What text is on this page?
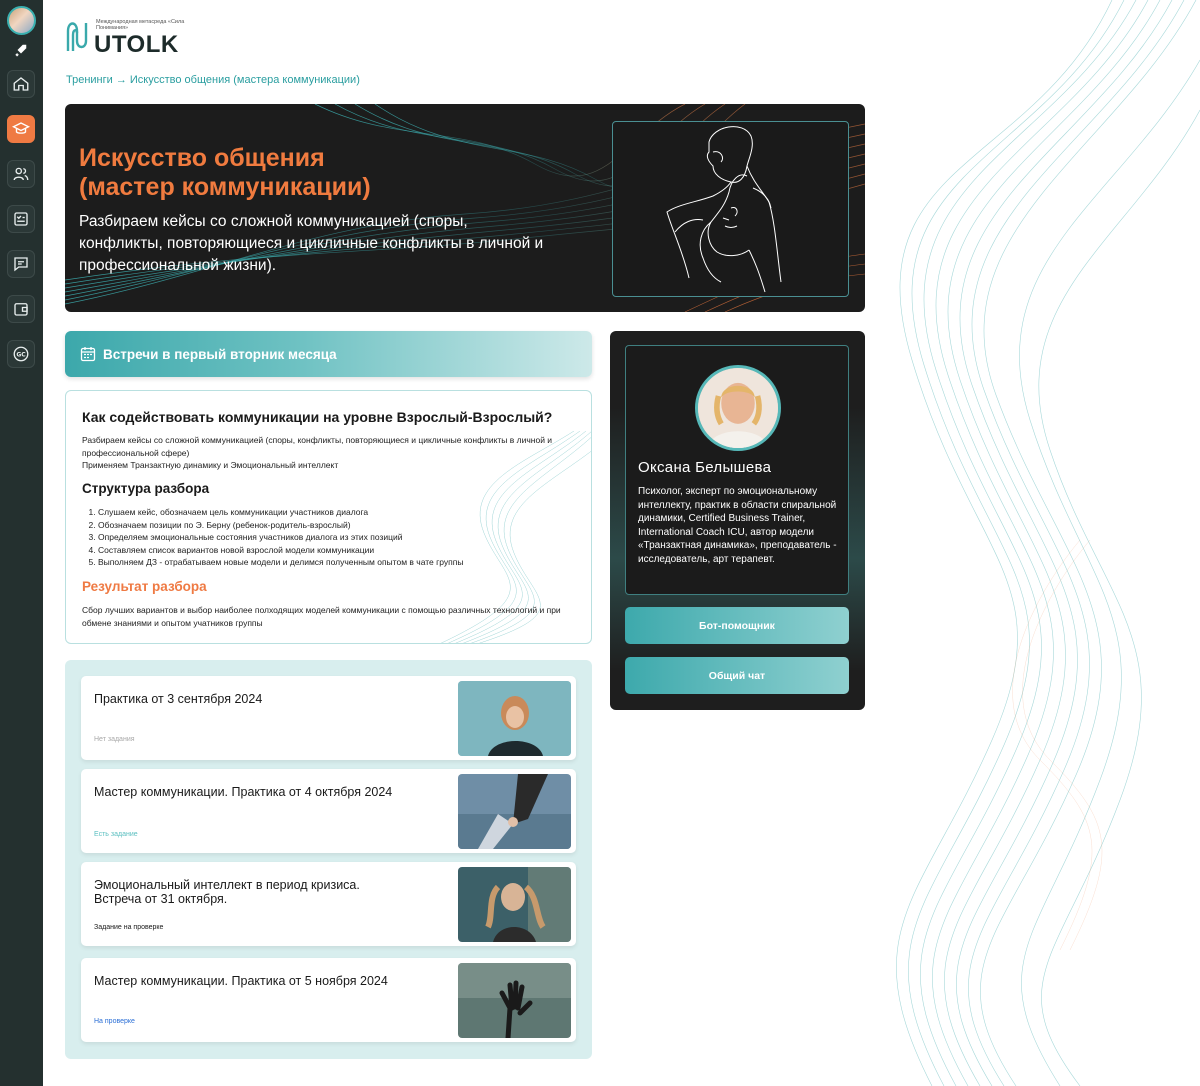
GC
Международная метасреда «Сила Понимания»
UTOLK
Тренинги → Искусство общения (мастера коммуникации)
Искусство общения
(мастер коммуникации)
Разбираем кейсы со сложной коммуникацией (споры, конфликты, повторяющиеся и цикличные конфликты в личной и профессиональной жизни).
Встречи в первый вторник месяца
Как содействовать коммуникации на уровне Взрослый-Взрослый?
Разбираем кейсы со сложной коммуникацией (споры, конфликты, повторяющиеся и цикличные конфликты в личной и профессиональной сфере)
Применяем Транзактную динамику и Эмоциональный интеллект
Структура разбора
1. Слушаем кейс, обозначаем цель коммуникации участников диалога
2. Обозначаем позиции по Э. Берну (ребенок-родитель-взрослый)
3. Определяем эмоциональные состояния участников диалога из этих позиций
4. Составляем список вариантов новой взрослой модели коммуникации
5. Выполняем ДЗ - отрабатываем новые модели и делимся полученным опытом в чате группы
Результат разбора
Сбор лучших вариантов и выбор наиболее полходящих моделей коммуникации с помощью различных технологий и при обмене знаниями и опытом учатников группы
Практика от 3 сентября 2024
Нет задания
Мастер коммуникации. Практика от 4 октября 2024
Есть задание
Эмоциональный интеллект в период кризиса. Встреча от 31 октября.
Задание на проверке
Мастер коммуникации. Практика от 5 ноября 2024
На проверке
Оксана Белышева
Психолог, эксперт по эмоциональному интеллекту, практик в области спиральной динамики, Certified Business Trainer, International Coach ICU, автор модели «Транзактная динамика», преподаватель - исследователь, арт терапевт.
Бот-помощник
Общий чат
